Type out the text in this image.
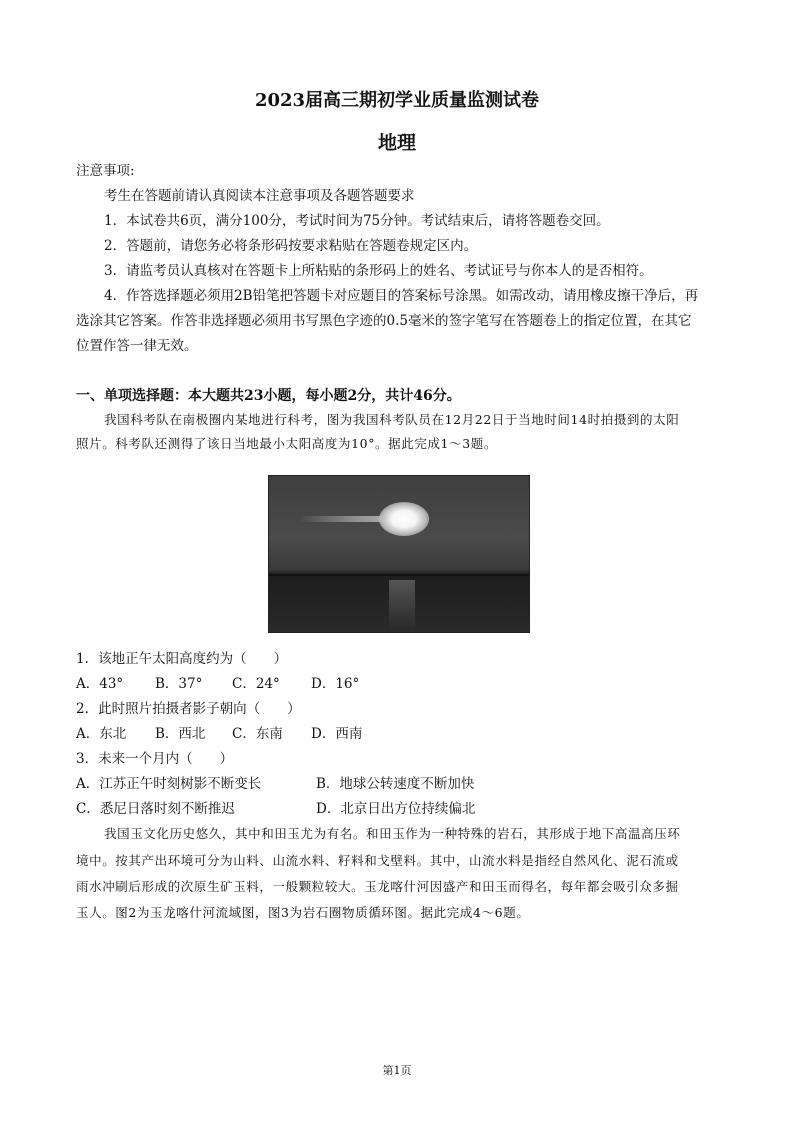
2023届高三期初学业质量监测试卷
地理
注意事项:
考生在答题前请认真阅读本注意事项及各题答题要求
1．本试卷共6页，满分100分，考试时间为75分钟。考试结束后，请将答题卷交回。
2．答题前，请您务必将条形码按要求粘贴在答题卷规定区内。
3．请监考员认真核对在答题卡上所粘贴的条形码上的姓名、考试证号与你本人的是否相符。
4．作答选择题必须用2B铅笔把答题卡对应题目的答案标号涂黑。如需改动，请用橡皮擦干净后，再
选涂其它答案。作答非选择题必须用书写黑色字迹的0.5毫米的签字笔写在答题卷上的指定位置，在其它
位置作答一律无效。
一、单项选择题：本大题共23小题，每小题2分，共计46分。
我国科考队在南极圈内某地进行科考，图为我国科考队员在12月22日于当地时间14时拍摄到的太阳
照片。科考队还测得了该日当地最小太阳高度为10°。据此完成1～3题。
1．该地正午太阳高度约为（　　）
A．43° B．37° C．24° D．16°
2．此时照片拍摄者影子朝向（　　）
A．东北 B．西北 C．东南 D．西南
3．未来一个月内（　　）
A．江苏正午时刻树影不断变长	B．地球公转速度不断加快
C．悉尼日落时刻不断推迟	D．北京日出方位持续偏北
我国玉文化历史悠久，其中和田玉尤为有名。和田玉作为一种特殊的岩石，其形成于地下高温高压环
境中。按其产出环境可分为山料、山流水料、籽料和戈壁料。其中，山流水料是指经自然风化、泥石流或
雨水冲刷后形成的次原生矿玉料，一般颗粒较大。玉龙喀什河因盛产和田玉而得名，每年都会吸引众多掘
玉人。图2为玉龙喀什河流域图，图3为岩石圈物质循环图。据此完成4～6题。
第1页
